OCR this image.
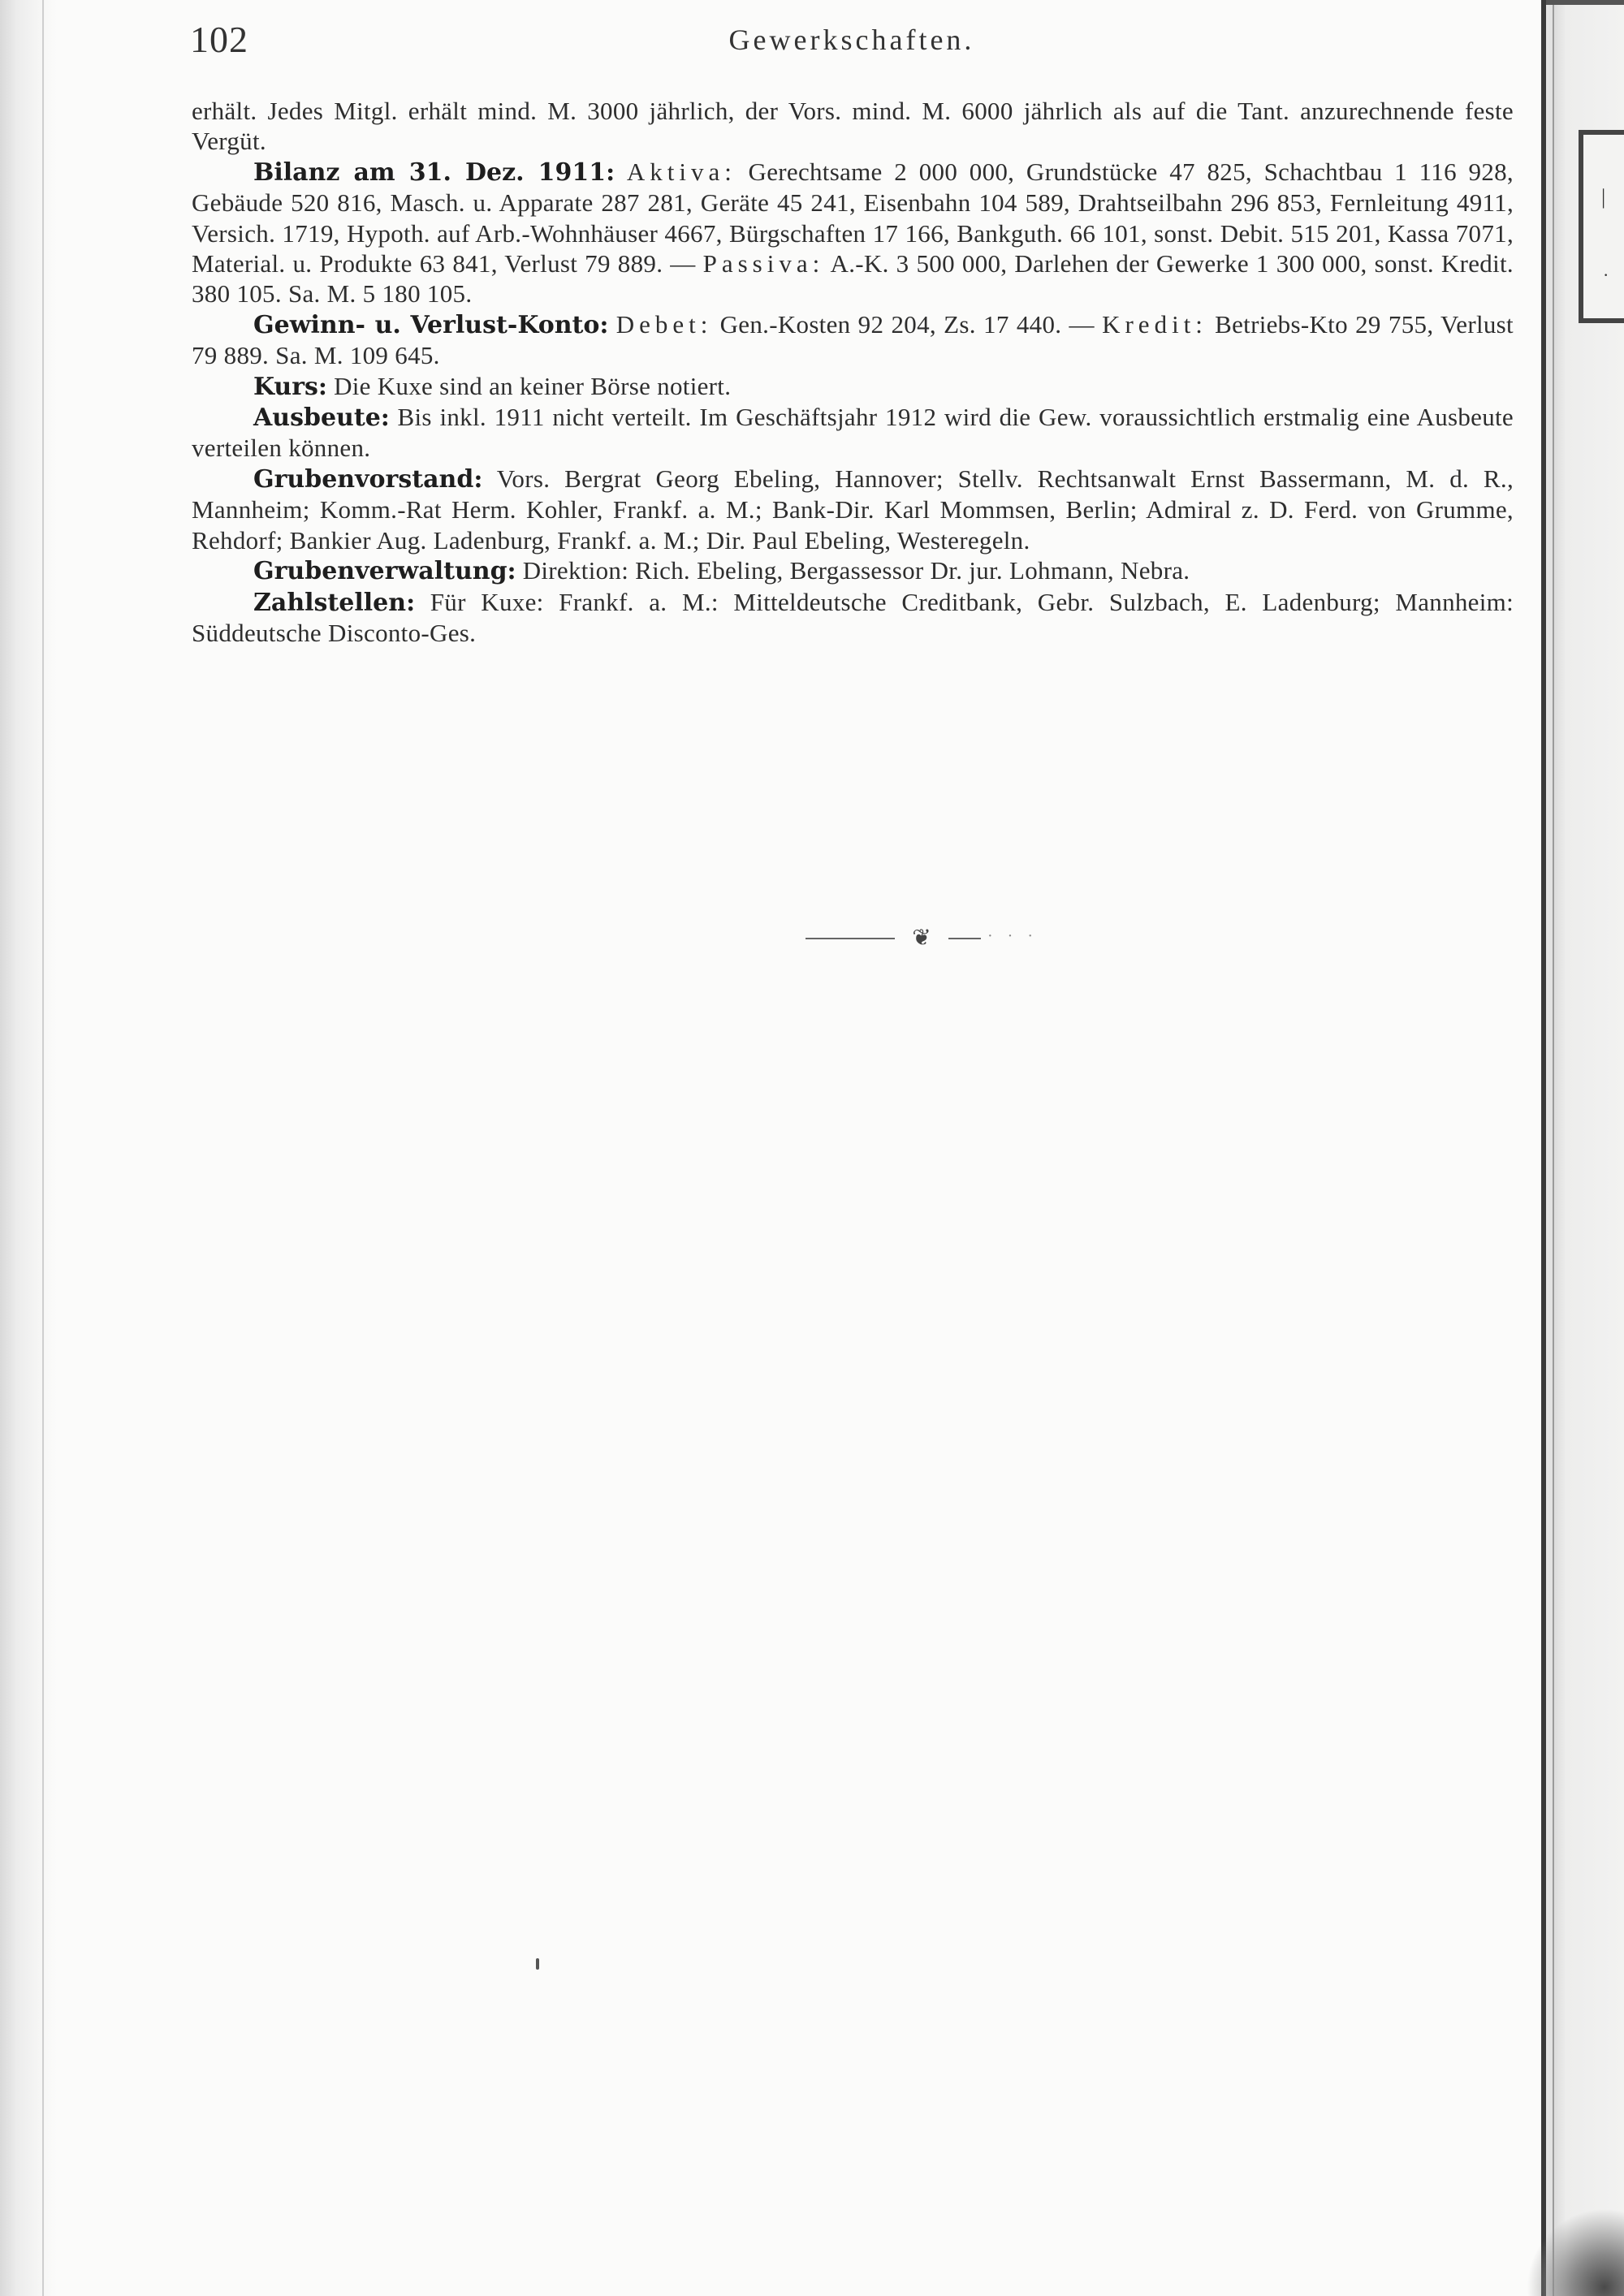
|
·
102	Gewerkschaften.

erhält. Jedes Mitgl. erhält mind. M. 3000 jährlich, der Vors. mind. M. 6000 jährlich als auf die Tant. anzurechnende feste Vergüt.

Bilanz am 31. Dez. 1911: Aktiva: Gerechtsame 2 000 000, Grundstücke 47 825, Schachtbau 1 116 928, Gebäude 520 816, Masch. u. Apparate 287 281, Geräte 45 241, Eisenbahn 104 589, Drahtseilbahn 296 853, Fernleitung 4911, Versich. 1719, Hypoth. auf Arb.-Wohnhäuser 4667, Bürgschaften 17 166, Bankguth. 66 101, sonst. Debit. 515 201, Kassa 7071, Material. u. Produkte 63 841, Verlust 79 889. — Passiva: A.-K. 3 500 000, Darlehen der Gewerke 1 300 000, sonst. Kredit. 380 105. Sa. M. 5 180 105.

Gewinn- u. Verlust-Konto: Debet: Gen.-Kosten 92 204, Zs. 17 440. — Kredit: Betriebs-Kto 29 755, Verlust 79 889. Sa. M. 109 645.

Kurs: Die Kuxe sind an keiner Börse notiert.

Ausbeute: Bis inkl. 1911 nicht verteilt. Im Geschäftsjahr 1912 wird die Gew. voraussichtlich erstmalig eine Ausbeute verteilen können.

Grubenvorstand: Vors. Bergrat Georg Ebeling, Hannover; Stellv. Rechtsanwalt Ernst Bassermann, M. d. R., Mannheim; Komm.-Rat Herm. Kohler, Frankf. a. M.; Bank-Dir. Karl Mommsen, Berlin; Admiral z. D. Ferd. von Grumme, Rehdorf; Bankier Aug. Ladenburg, Frankf. a. M.; Dir. Paul Ebeling, Westeregeln.

Grubenverwaltung: Direktion: Rich. Ebeling, Bergassessor Dr. jur. Lohmann, Nebra.

Zahlstellen: Für Kuxe: Frankf. a. M.: Mitteldeutsche Creditbank, Gebr. Sulzbach, E. Ladenburg; Mannheim: Süddeutsche Disconto-Ges.

❦	···
